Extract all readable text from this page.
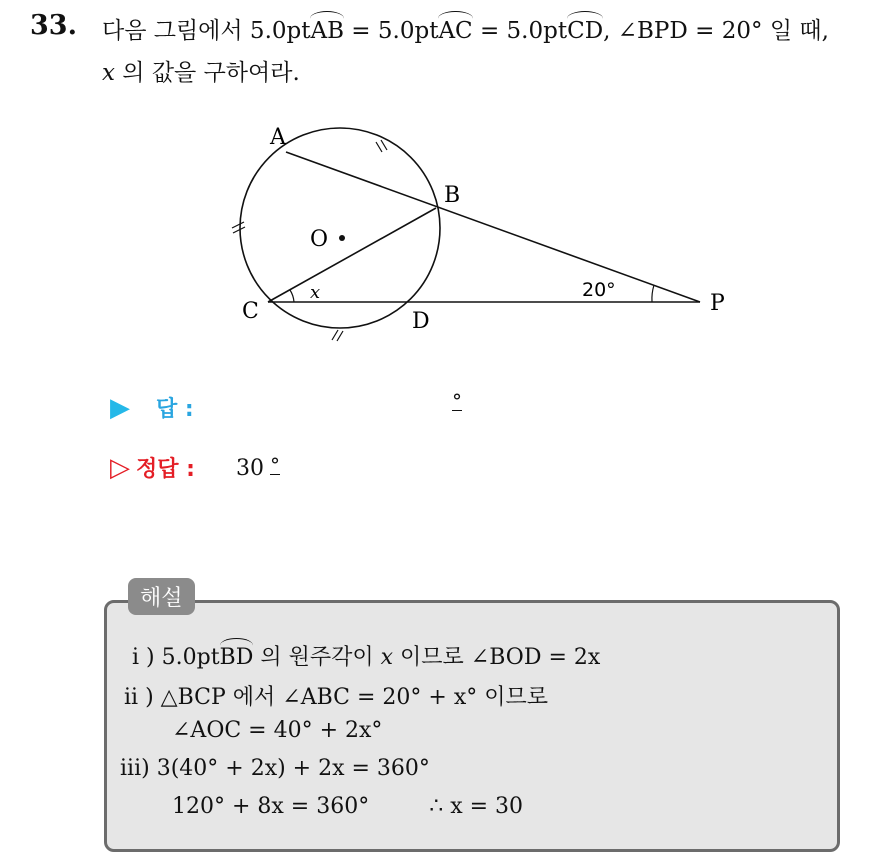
33. 다음 그림에서 5.0ptAB = 5.0ptAC = 5.0ptCD, ∠BPD = 20° 일 때,
x 의 값을 구하여라.
A
B
O
C	D
P
x	20°
▶ 답 :	°
▷ 정답 : 30 °
해설
i ) 5.0ptBD 의 원주각이 x 이므로 ∠BOD = 2x
ii ) △BCP 에서 ∠ABC = 20° + x° 이므로
∠AOC = 40° + 2x°
iii) 3(40° + 2x) + 2x = 360°
120° + 8x = 360°	∴ x = 30
